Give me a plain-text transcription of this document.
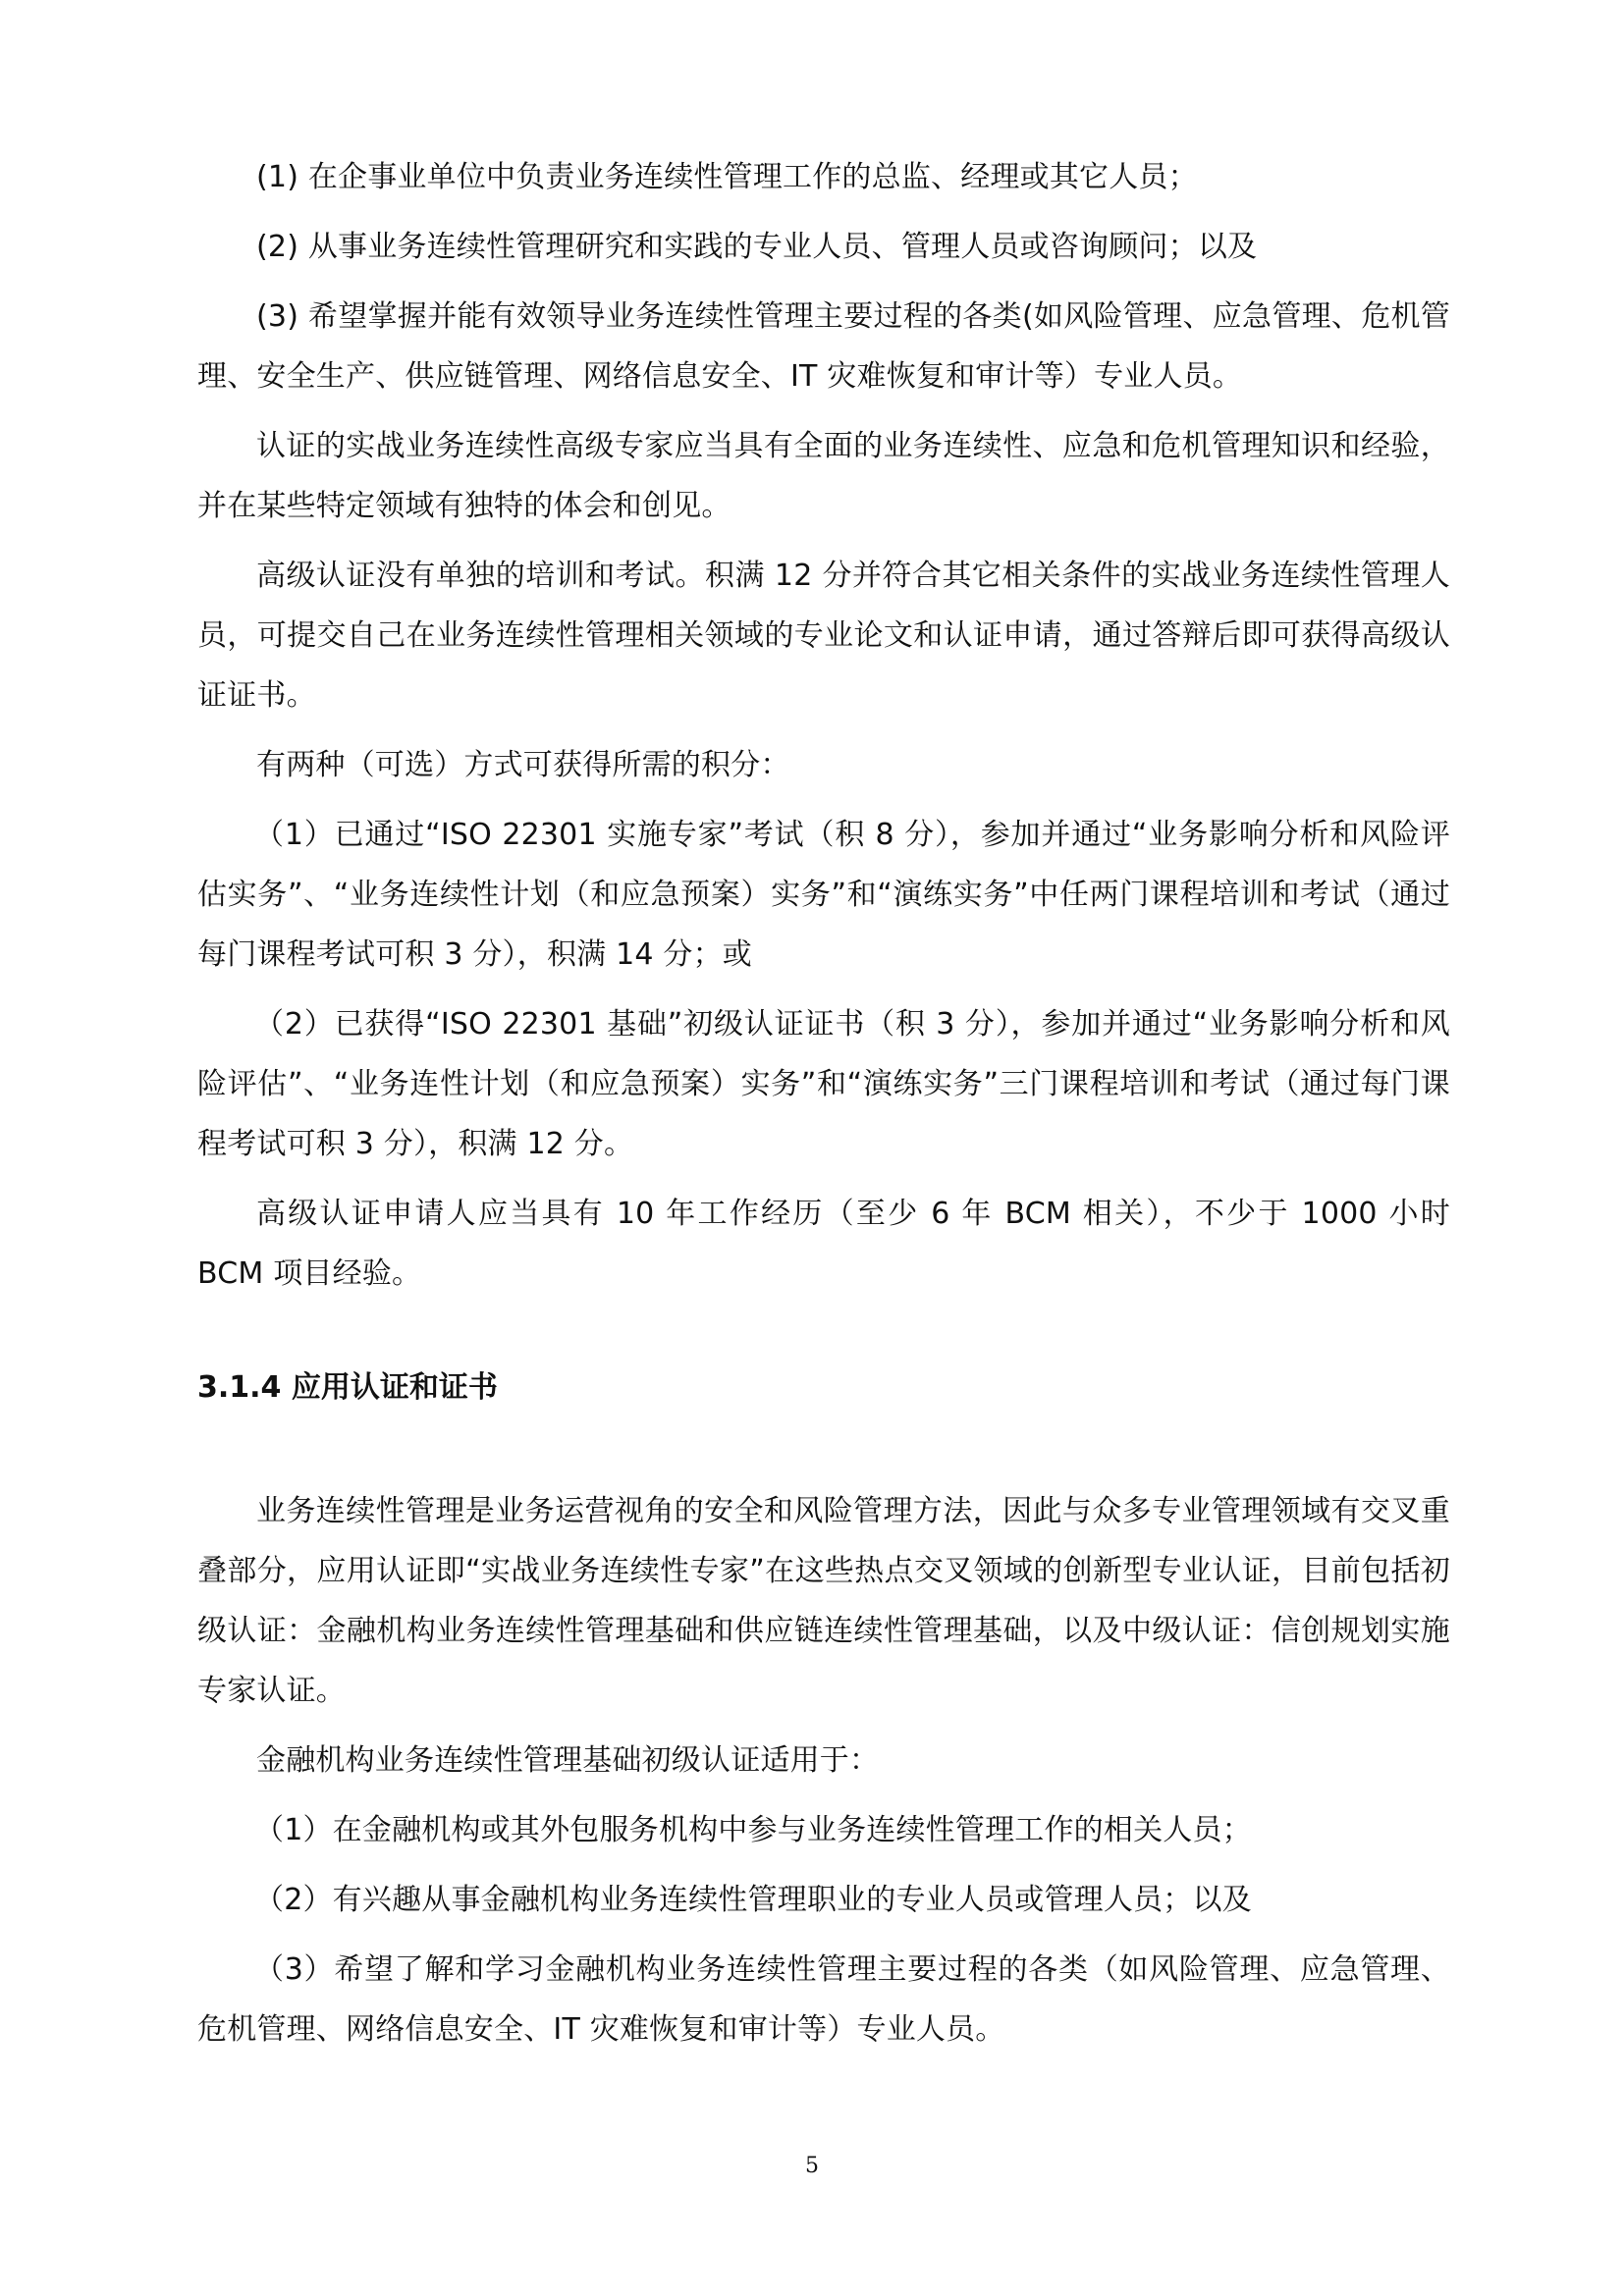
(1) 在企事业单位中负责业务连续性管理工作的总监、经理或其它人员；

(2) 从事业务连续性管理研究和实践的专业人员、管理人员或咨询顾问；以及

(3) 希望掌握并能有效领导业务连续性管理主要过程的各类(如风险管理、应急管理、危机管理、安全生产、供应链管理、网络信息安全、IT 灾难恢复和审计等）专业人员。

认证的实战业务连续性高级专家应当具有全面的业务连续性、应急和危机管理知识和经验，并在某些特定领域有独特的体会和创见。

高级认证没有单独的培训和考试。积满 12 分并符合其它相关条件的实战业务连续性管理人员，可提交自己在业务连续性管理相关领域的专业论文和认证申请，通过答辩后即可获得高级认证证书。

有两种（可选）方式可获得所需的积分：

（1）已通过“ISO 22301 实施专家”考试（积 8 分），参加并通过“业务影响分析和风险评估实务”、“业务连续性计划（和应急预案）实务”和“演练实务”中任两门课程培训和考试（通过每门课程考试可积 3 分），积满 14 分；或

（2）已获得“ISO 22301 基础”初级认证证书（积 3 分），参加并通过“业务影响分析和风险评估”、“业务连性计划（和应急预案）实务”和“演练实务”三门课程培训和考试（通过每门课程考试可积 3 分），积满 12 分。

高级认证申请人应当具有 10 年工作经历（至少 6 年 BCM 相关），不少于 1000 小时 BCM 项目经验。

3.1.4 应用认证和证书

业务连续性管理是业务运营视角的安全和风险管理方法，因此与众多专业管理领域有交叉重叠部分，应用认证即“实战业务连续性专家”在这些热点交叉领域的创新型专业认证，目前包括初级认证：金融机构业务连续性管理基础和供应链连续性管理基础，以及中级认证：信创规划实施专家认证。

金融机构业务连续性管理基础初级认证适用于：

（1）在金融机构或其外包服务机构中参与业务连续性管理工作的相关人员；

（2）有兴趣从事金融机构业务连续性管理职业的专业人员或管理人员；以及

（3）希望了解和学习金融机构业务连续性管理主要过程的各类（如风险管理、应急管理、危机管理、网络信息安全、IT 灾难恢复和审计等）专业人员。

5
